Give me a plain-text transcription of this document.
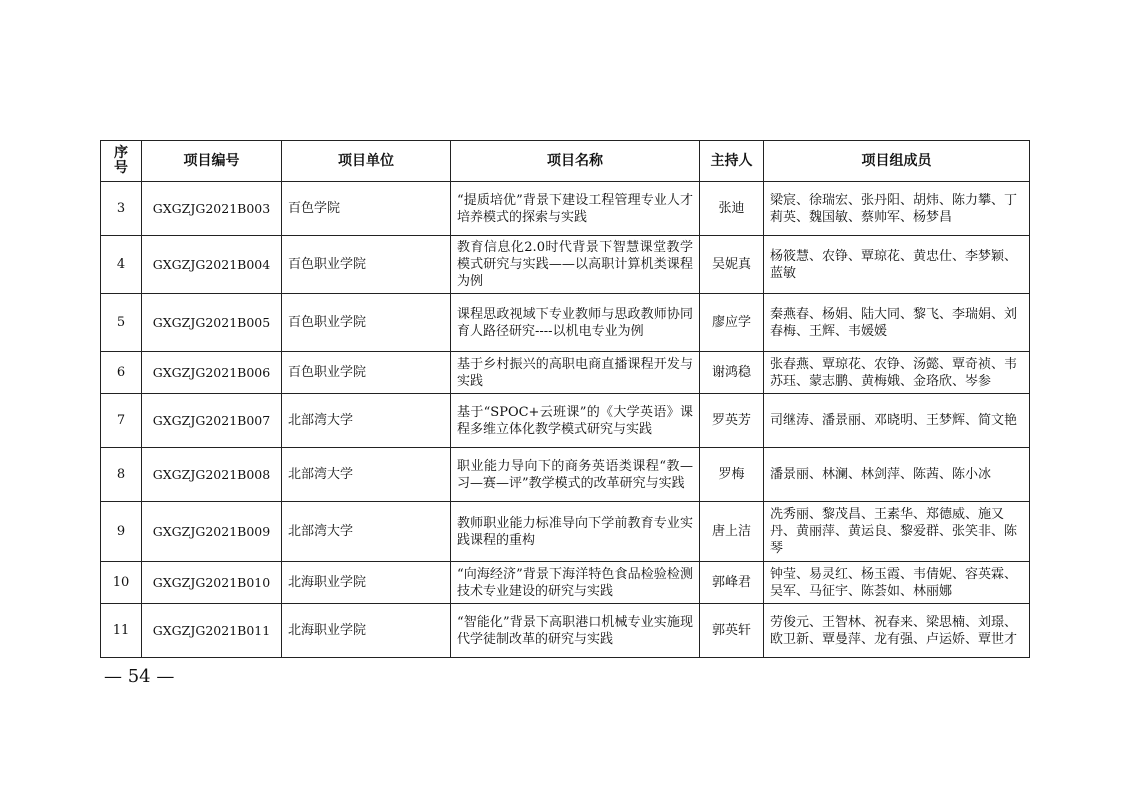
序号	项目编号	项目单位	项目名称	主持人	项目组成员
3	GXGZJG2021B003	百色学院	“提质培优”背景下建设工程管理专业人才培养模式的探索与实践	张迪	梁宸、徐瑞宏、张丹阳、胡炜、陈力攀、丁莉英、魏国敏、蔡帅军、杨梦昌
4	GXGZJG2021B004	百色职业学院	教育信息化2.0时代背景下智慧课堂教学模式研究与实践——以高职计算机类课程为例	吴妮真	杨筱慧、农铮、覃琼花、黄忠仕、李梦颖、蓝敏
5	GXGZJG2021B005	百色职业学院	课程思政视域下专业教师与思政教师协同育人路径研究----以机电专业为例	廖应学	秦燕春、杨娟、陆大同、黎飞、李瑞娟、刘春梅、王辉、韦媛媛
6	GXGZJG2021B006	百色职业学院	基于乡村振兴的高职电商直播课程开发与实践	谢鸿稳	张春燕、覃琼花、农铮、汤懿、覃奇祯、韦苏珏、蒙志鹏、黄梅娥、金珞欣、岑参
7	GXGZJG2021B007	北部湾大学	基于“SPOC+云班课”的《大学英语》课程多维立体化教学模式研究与实践	罗英芳	司继涛、潘景丽、邓晓明、王梦辉、简文艳
8	GXGZJG2021B008	北部湾大学	职业能力导向下的商务英语类课程“教—习—赛—评”教学模式的改革研究与实践	罗梅	潘景丽、林澜、林剑萍、陈茜、陈小冰
9	GXGZJG2021B009	北部湾大学	教师职业能力标准导向下学前教育专业实践课程的重构	唐上洁	冼秀丽、黎茂昌、王素华、郑德威、施又丹、黄丽萍、黄运良、黎爱群、张笑非、陈琴
10	GXGZJG2021B010	北海职业学院	“向海经济”背景下海洋特色食品检验检测技术专业建设的研究与实践	郭峰君	钟莹、易灵红、杨玉霞、韦倩妮、容英霖、吴军、马征宇、陈荟如、林丽娜
11	GXGZJG2021B011	北海职业学院	“智能化”背景下高职港口机械专业实施现代学徒制改革的研究与实践	郭英轩	劳俊元、王智林、祝春来、梁思楠、刘璟、欧卫新、覃曼萍、龙有强、卢运娇、覃世才
— 54 —
